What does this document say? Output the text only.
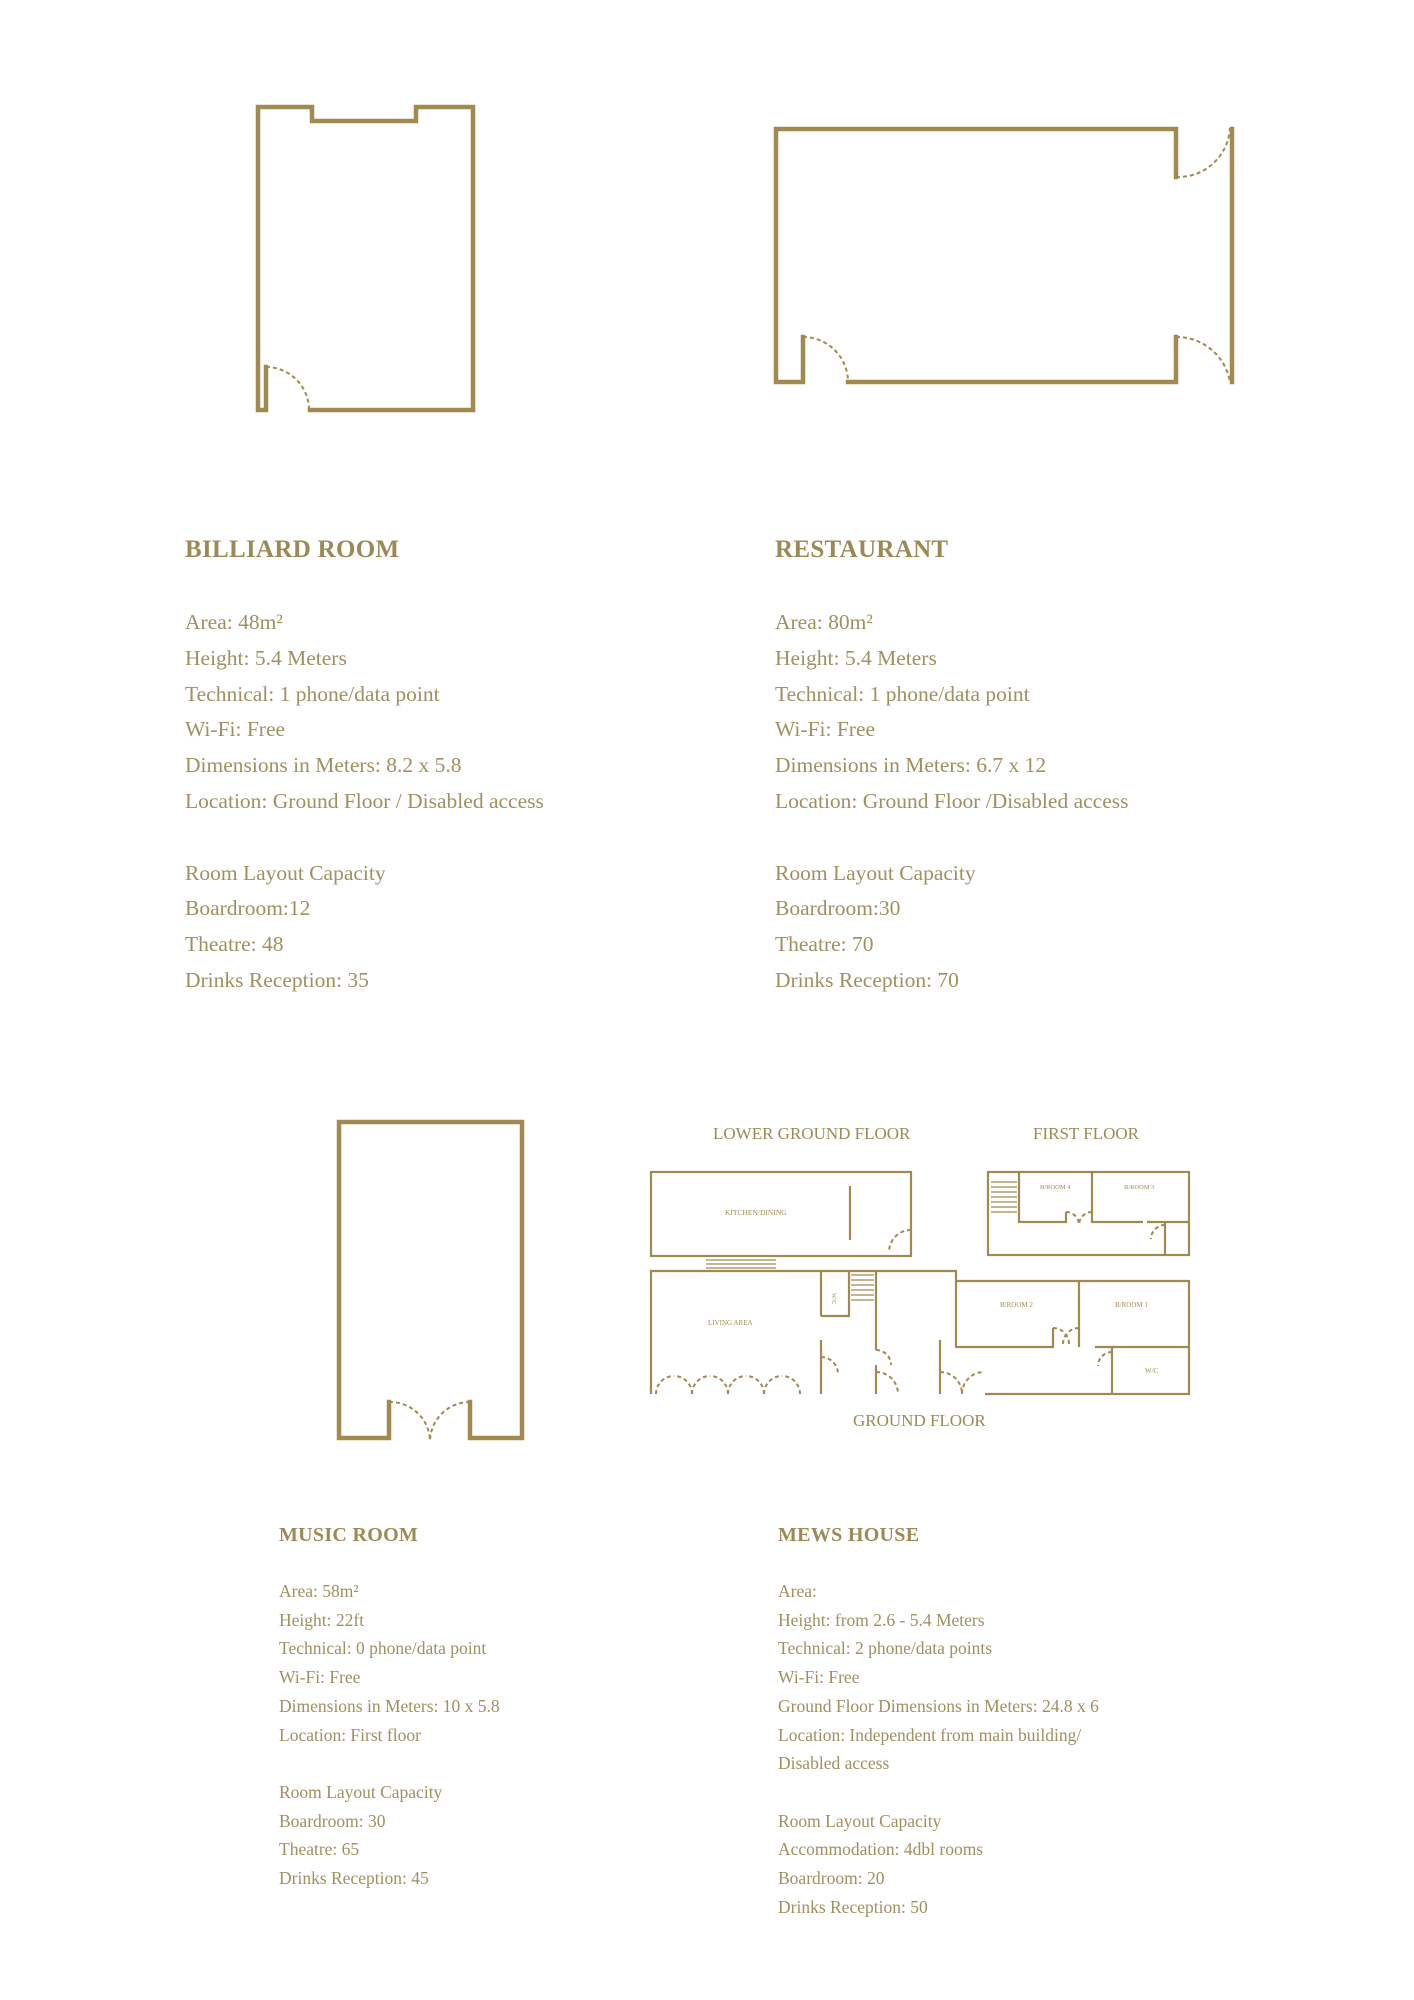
KITCHEN/DINING
B/ROOM 4	B/ROOM 3
W/C
LIVING AREA
B/ROOM 2	B/ROOM 1
W/C
LOWER GROUND FLOOR	FIRST FLOOR
GROUND FLOOR
BILLIARD ROOM
Area: 48m²
Height: 5.4 Meters
Technical: 1 phone/data point
Wi-Fi: Free
Dimensions in Meters: 8.2 x 5.8
Location: Ground Floor / Disabled access
Room Layout Capacity
Boardroom:12
Theatre: 48
Drinks Reception: 35
RESTAURANT
Area: 80m²
Height: 5.4 Meters
Technical: 1 phone/data point
Wi-Fi: Free
Dimensions in Meters: 6.7 x 12
Location: Ground Floor /Disabled access
Room Layout Capacity
Boardroom:30
Theatre: 70
Drinks Reception: 70
MUSIC ROOM
Area: 58m²
Height: 22ft
Technical: 0 phone/data point
Wi-Fi: Free
Dimensions in Meters: 10 x 5.8
Location: First floor
Room Layout Capacity
Boardroom: 30
Theatre: 65
Drinks Reception: 45
MEWS HOUSE
Area:
Height: from 2.6 - 5.4 Meters
Technical: 2 phone/data points
Wi-Fi: Free
Ground Floor Dimensions in Meters: 24.8 x 6
Location: Independent from main building/
Disabled access
Room Layout Capacity
Accommodation: 4dbl rooms
Boardroom: 20
Drinks Reception: 50
